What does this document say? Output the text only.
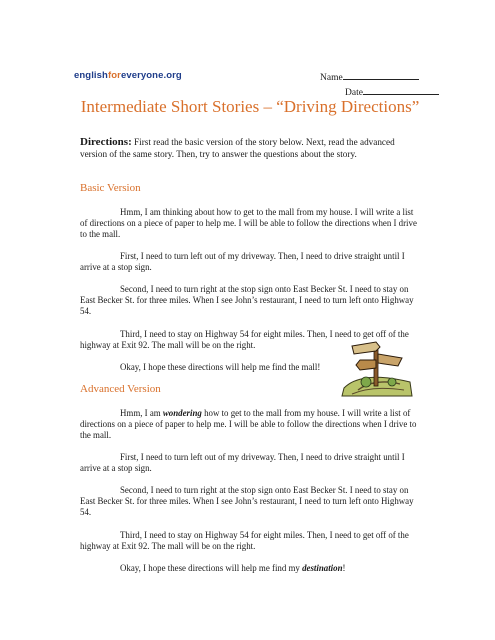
englishforeveryone.org	Name
Date
Intermediate Short Stories – “Driving Directions”
Directions: First read the basic version of the story below. Next, read the advanced version of the same story. Then, try to answer the questions about the story.
Basic Version
Hmm, I am thinking about how to get to the mall from my house. I will write a list of directions on a piece of paper to help me. I will be able to follow the directions when I drive to the mall.
First, I need to turn left out of my driveway. Then, I need to drive straight until I arrive at a stop sign.
Second, I need to turn right at the stop sign onto East Becker St. I need to stay on East Becker St. for three miles. When I see John’s restaurant, I need to turn left onto Highway 54.
Third, I need to stay on Highway 54 for eight miles. Then, I need to get off of the highway at Exit 92. The mall will be on the right.
Okay, I hope these directions will help me find the mall!
Advanced Version
Hmm, I am wondering how to get to the mall from my house. I will write a list of directions on a piece of paper to help me. I will be able to follow the directions when I drive to the mall.
First, I need to turn left out of my driveway. Then, I need to drive straight until I arrive at a stop sign.
Second, I need to turn right at the stop sign onto East Becker St. I need to stay on East Becker St. for three miles. When I see John’s restaurant, I need to turn left onto Highway 54.
Third, I need to stay on Highway 54 for eight miles. Then, I need to get off of the highway at Exit 92. The mall will be on the right.
Okay, I hope these directions will help me find my destination!
